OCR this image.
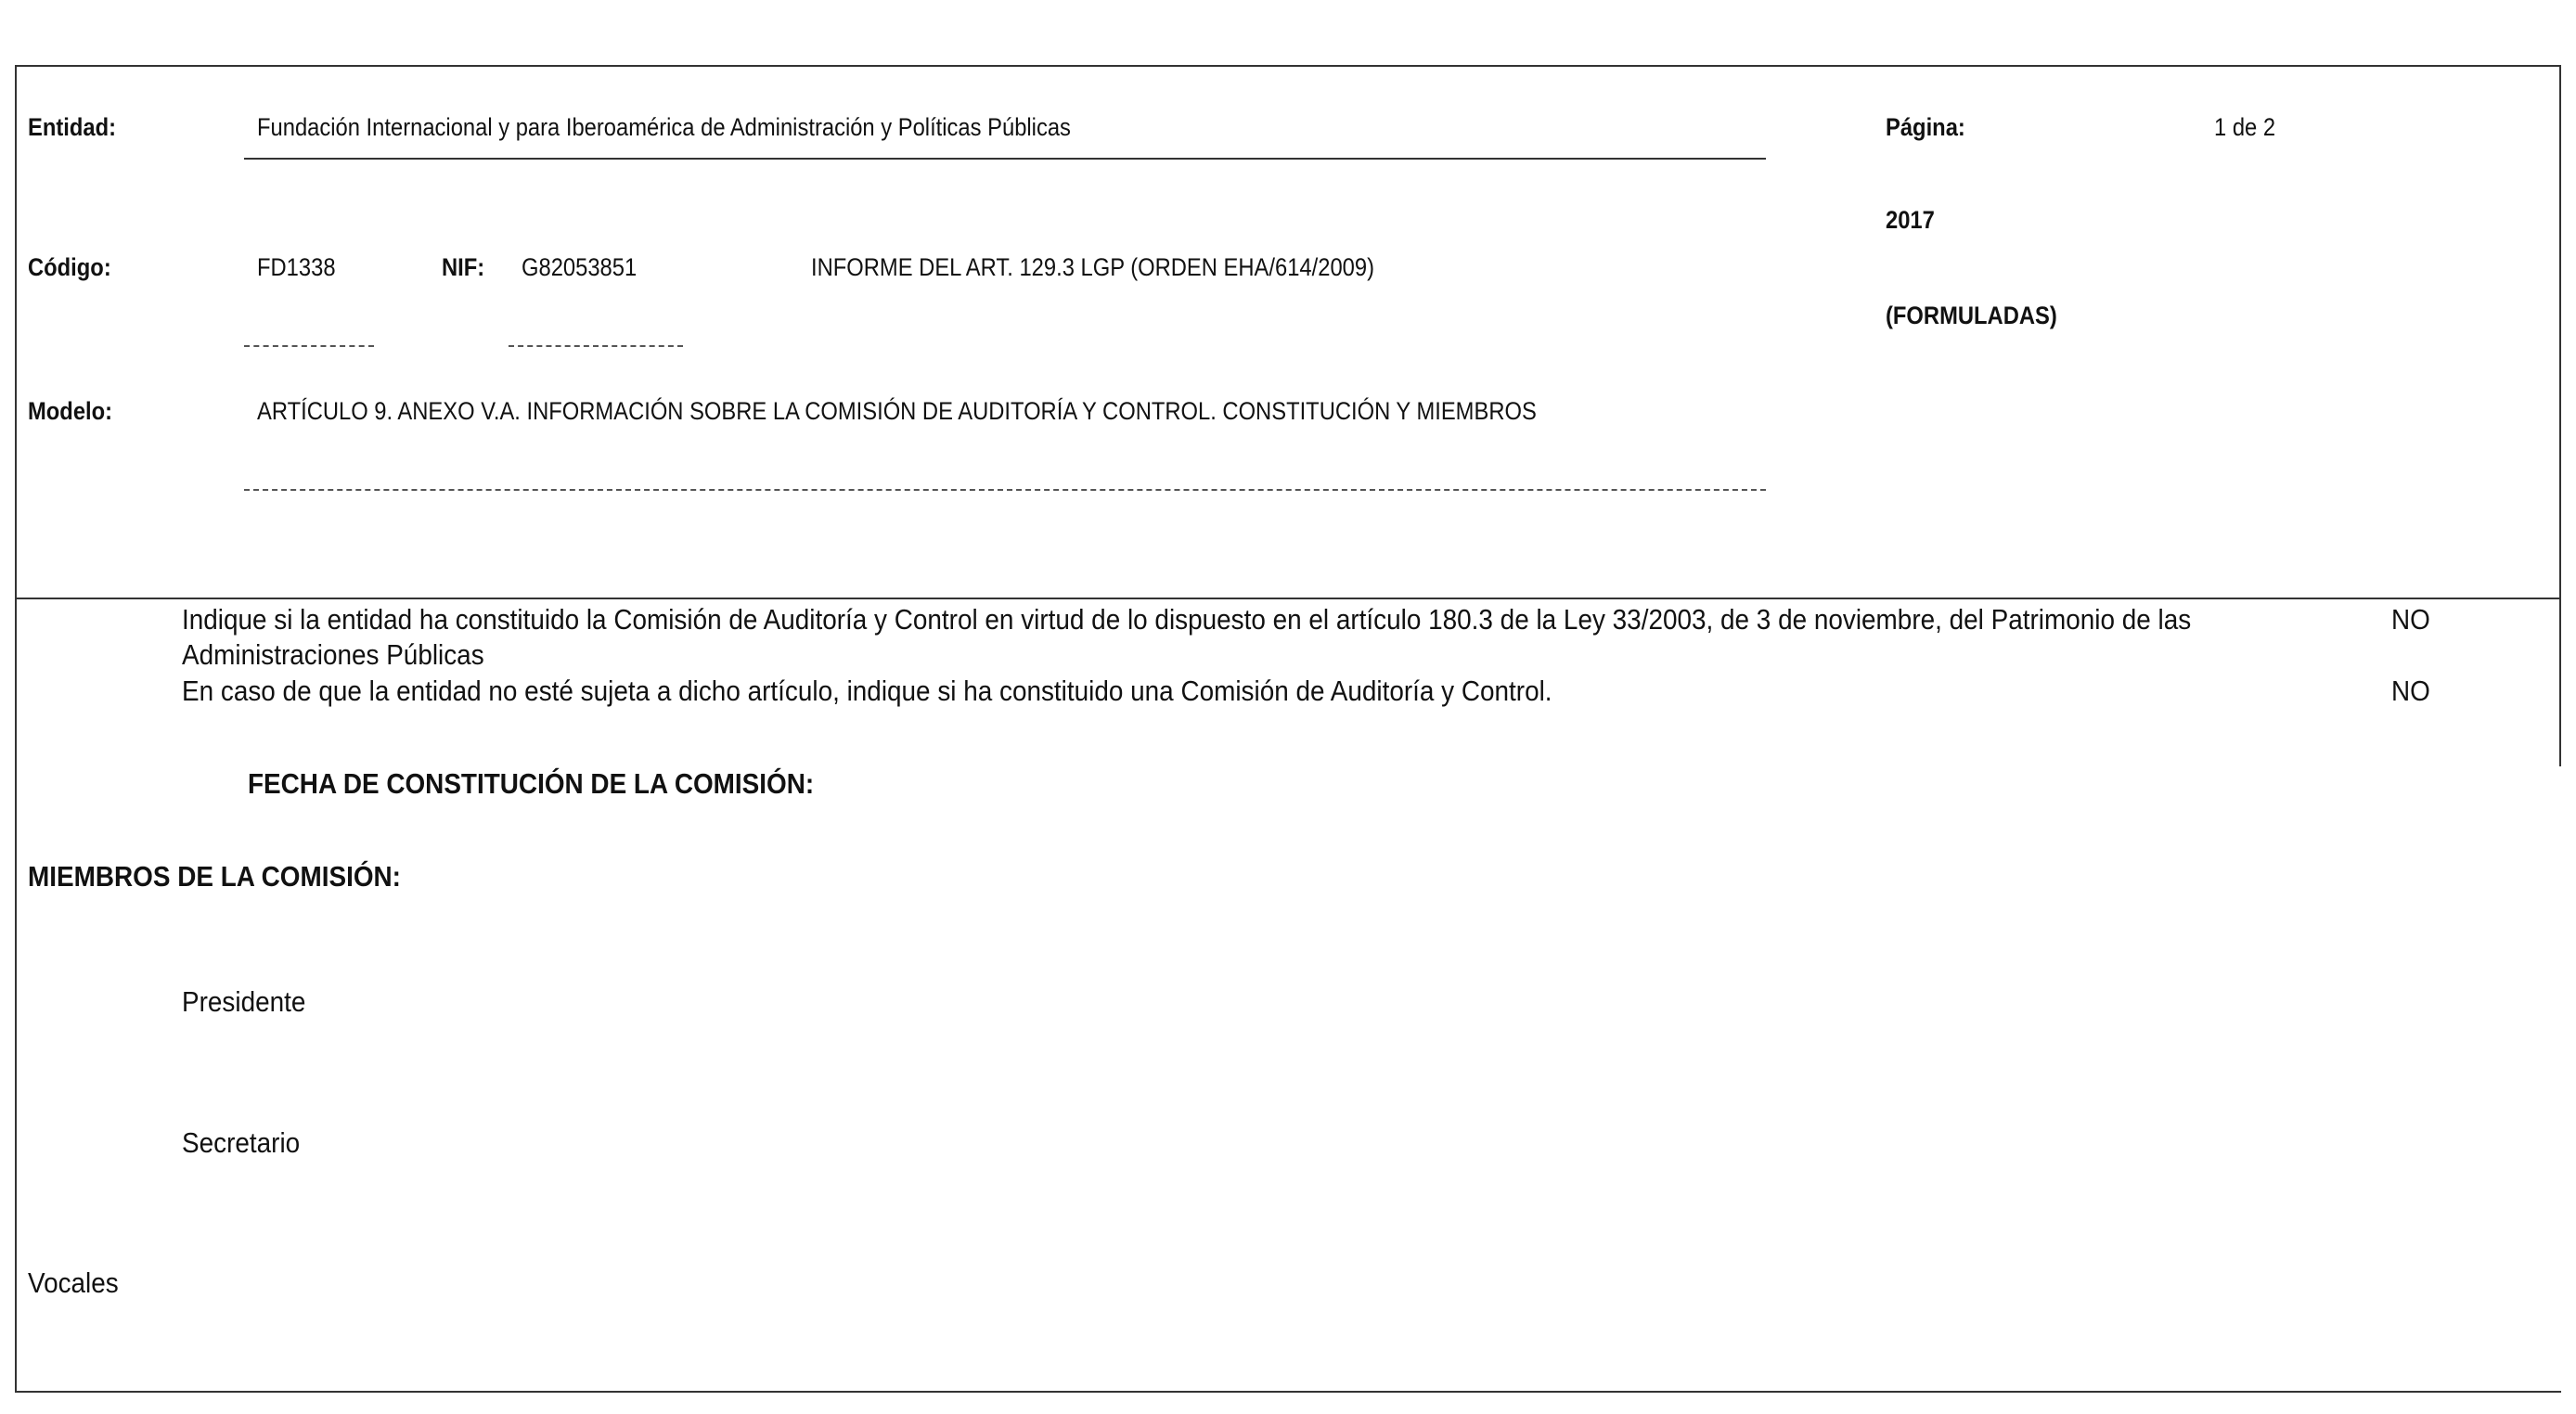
Entidad:	Fundación Internacional y para Iberoamérica de Administración y Políticas Públicas	Página:	1 de 2
2017
Código:	FD1338	NIF: G82053851	INFORME DEL ART. 129.3 LGP (ORDEN EHA/614/2009)
(FORMULADAS)
Modelo:	ARTÍCULO 9. ANEXO V.A. INFORMACIÓN SOBRE LA COMISIÓN DE AUDITORÍA Y CONTROL. CONSTITUCIÓN Y MIEMBROS
Indique si la entidad ha constituido la Comisión de Auditoría y Control en virtud de lo dispuesto en el artículo 180.3 de la Ley 33/2003, de 3 de noviembre, del Patrimonio de las
Administraciones Públicas
NO
En caso de que la entidad no esté sujeta a dicho artículo, indique si ha constituido una Comisión de Auditoría y Control.	NO
FECHA DE CONSTITUCIÓN DE LA COMISIÓN:
MIEMBROS DE LA COMISIÓN:
Presidente
Secretario
Vocales
